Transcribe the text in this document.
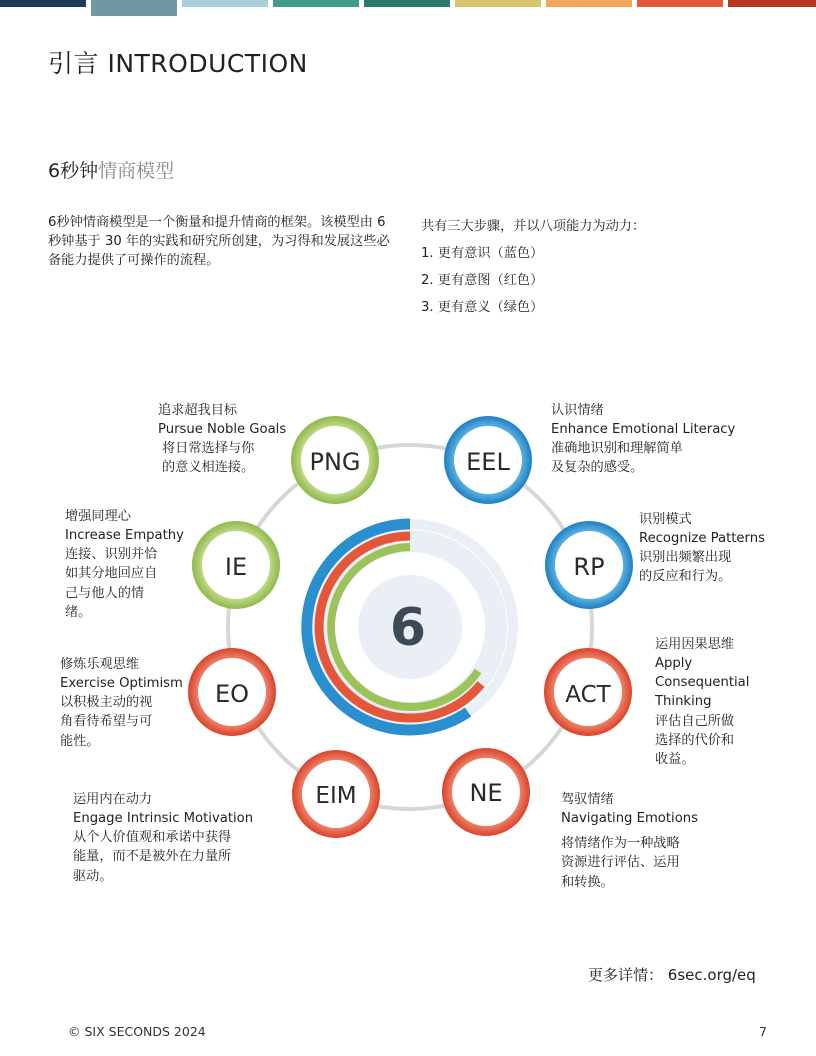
引言 INTRODUCTION
6秒钟情商模型
6秒钟情商模型是一个衡量和提升情商的框架。该模型由 6 秒钟基于 30 年的实践和研究所创建，为习得和发展这些必备能力提供了可操作的流程。
共有三大步骤，并以八项能力为动力：
1. 更有意识（蓝色）
2. 更有意图（红色）
3. 更有意义（绿色）
6
PNG	EEL
RP
ACT
NE
EIM
EO
IE
追求超我目标
Pursue Noble Goals
将日常选择与你
的意义相连接。
认识情绪
Enhance Emotional Literacy
准确地识别和理解简单
及复杂的感受。
识别模式
Recognize Patterns
识别出频繁出现
的反应和行为。
运用因果思维
Apply
Consequential
Thinking
评估自己所做
选择的代价和
收益。
驾驭情绪
Navigating Emotions
将情绪作为一种战略
资源进行评估、运用
和转换。
运用内在动力
Engage Intrinsic Motivation
从个人价值观和承诺中获得
能量，而不是被外在力量所
驱动。
修炼乐观思维
Exercise Optimism
以积极主动的视
角看待希望与可
能性。
增强同理心
Increase Empathy
连接、识别并恰
如其分地回应自
己与他人的情
绪。
更多详情： 6sec.org/eq
© SIX SECONDS 2024	7
